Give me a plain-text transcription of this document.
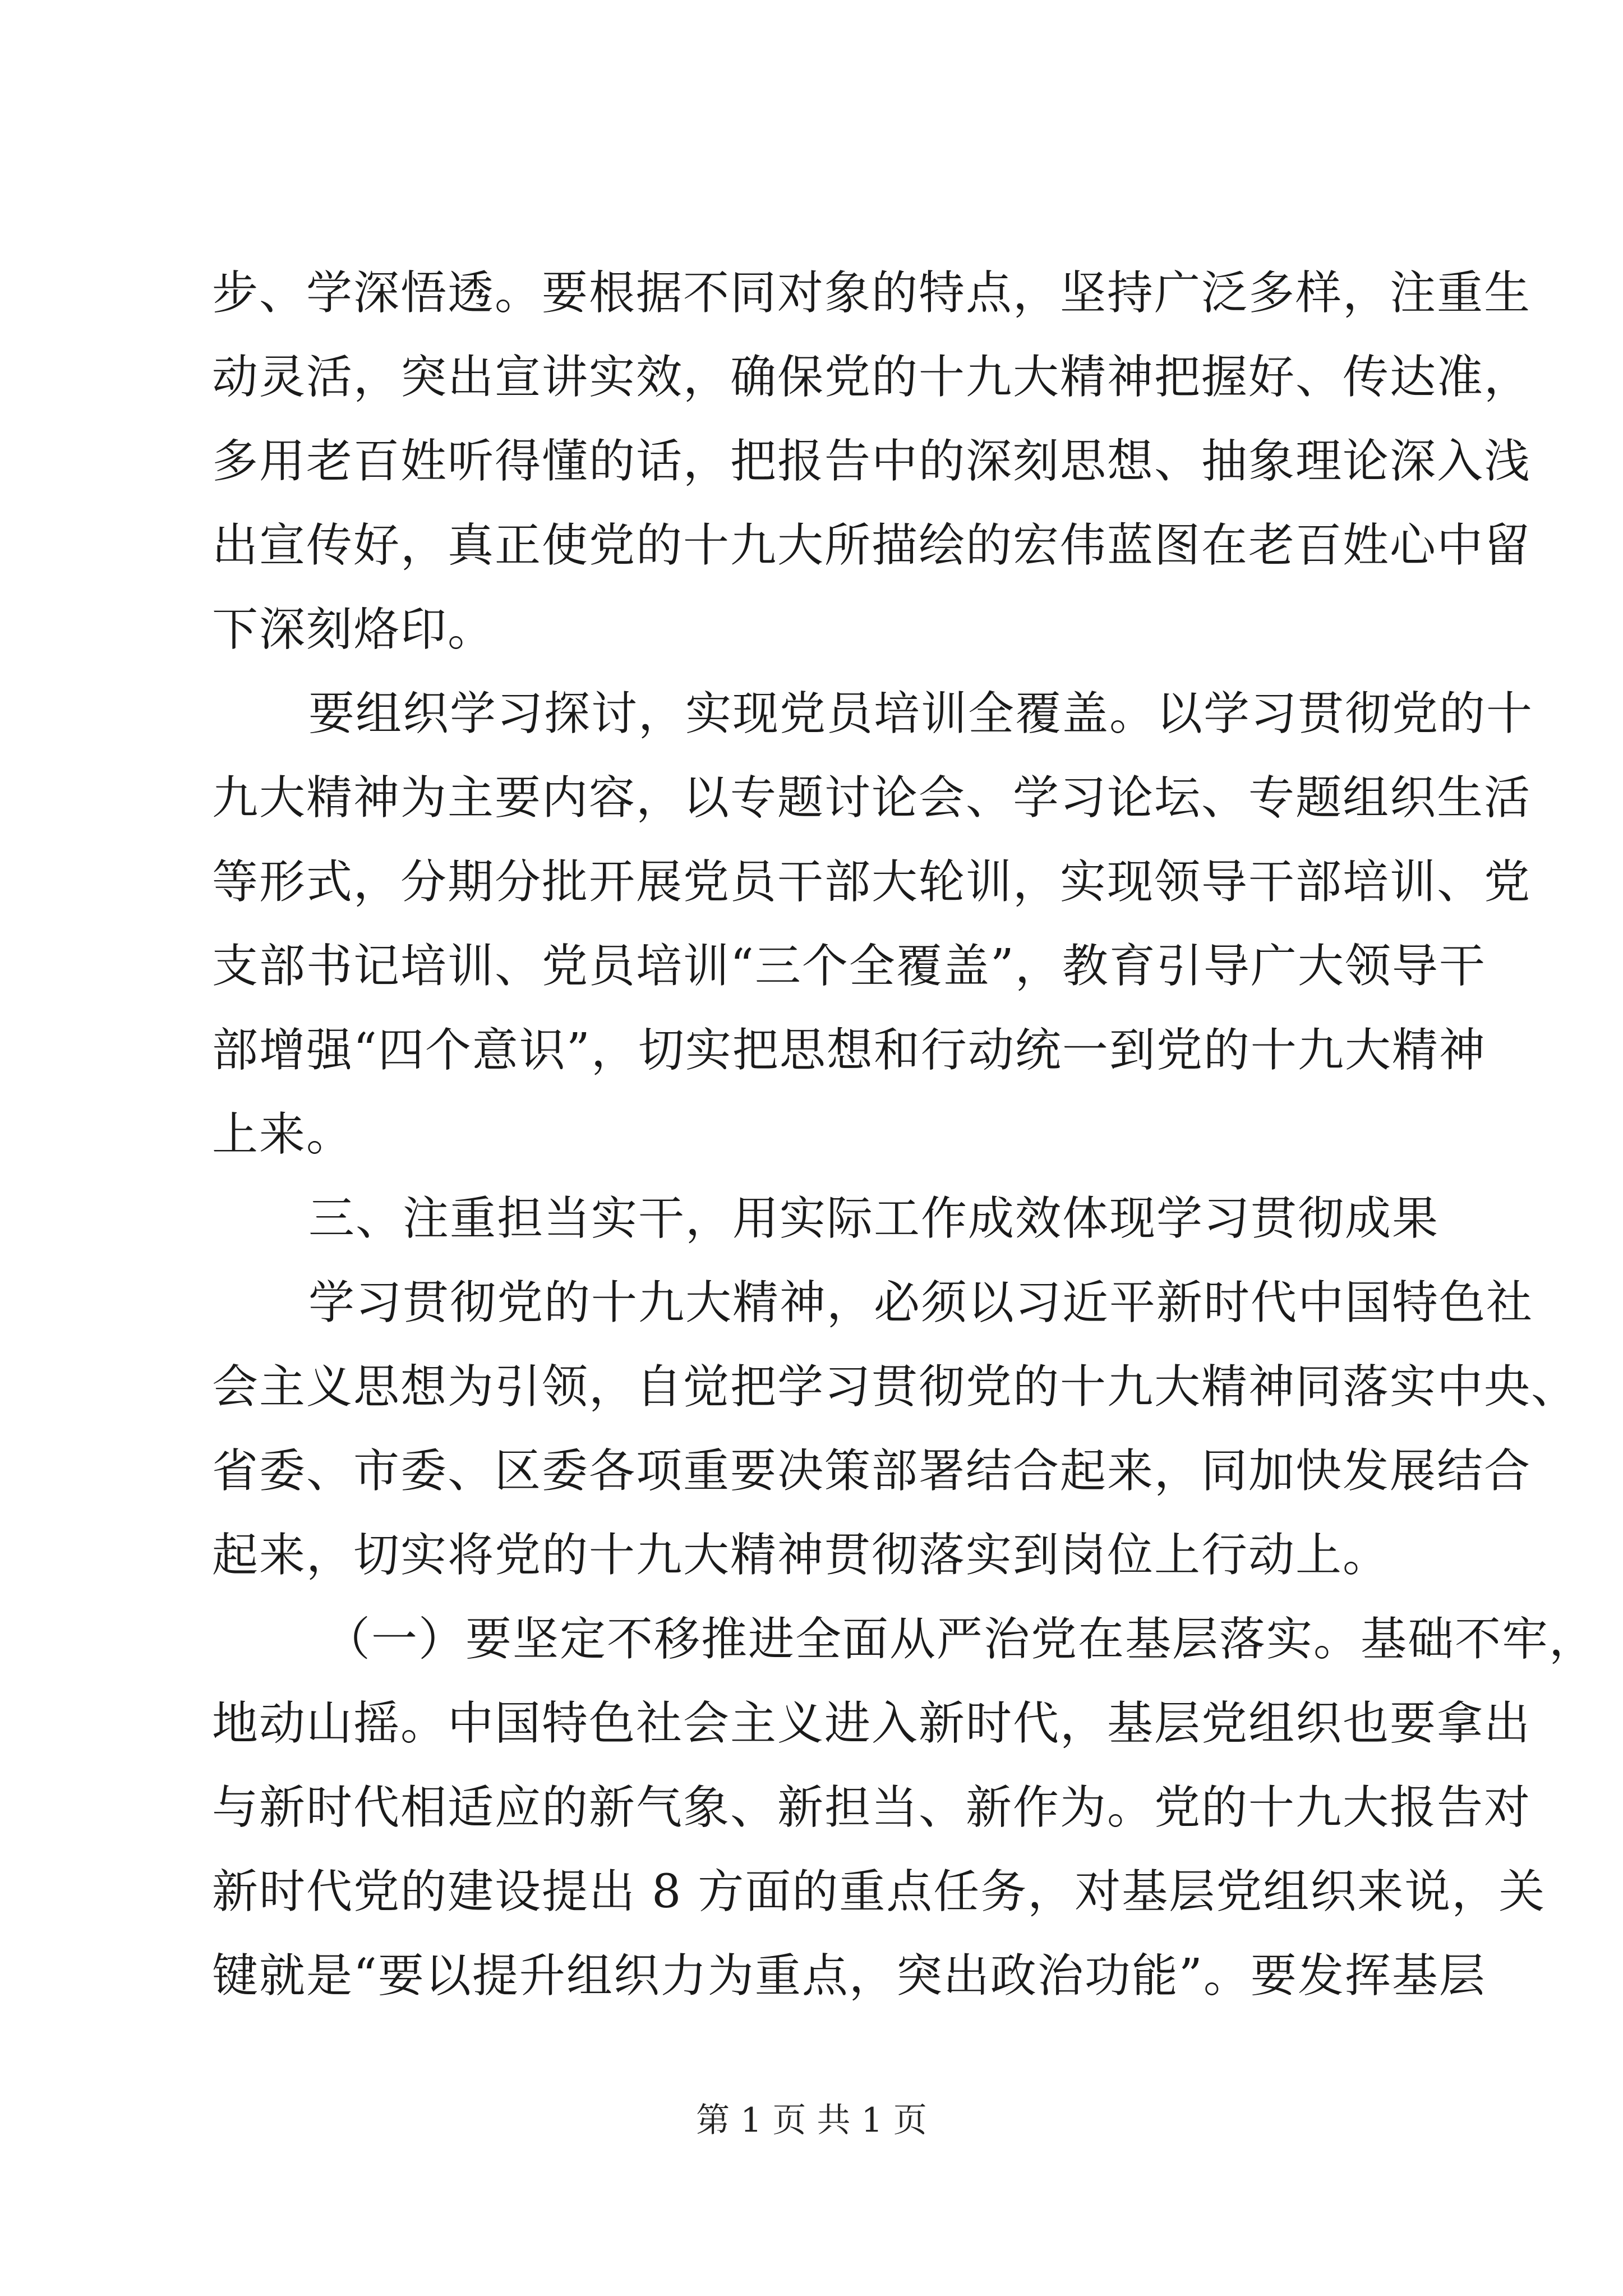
步、学深悟透。要根据不同对象的特点，坚持广泛多样，注重生
动灵活，突出宣讲实效，确保党的十九大精神把握好、传达准，
多用老百姓听得懂的话，把报告中的深刻思想、抽象理论深入浅
出宣传好，真正使党的十九大所描绘的宏伟蓝图在老百姓心中留
下深刻烙印。
要组织学习探讨，实现党员培训全覆盖。以学习贯彻党的十
九大精神为主要内容，以专题讨论会、学习论坛、专题组织生活
等形式，分期分批开展党员干部大轮训，实现领导干部培训、党
支部书记培训、党员培训“三个全覆盖”，教育引导广大领导干
部增强“四个意识”，切实把思想和行动统一到党的十九大精神
上来。
三、注重担当实干，用实际工作成效体现学习贯彻成果
学习贯彻党的十九大精神，必须以习近平新时代中国特色社
会主义思想为引领，自觉把学习贯彻党的十九大精神同落实中央、
省委、市委、区委各项重要决策部署结合起来，同加快发展结合
起来，切实将党的十九大精神贯彻落实到岗位上行动上。
（一）要坚定不移推进全面从严治党在基层落实。基础不牢，
地动山摇。中国特色社会主义进入新时代，基层党组织也要拿出
与新时代相适应的新气象、新担当、新作为。党的十九大报告对
新时代党的建设提出 8 方面的重点任务，对基层党组织来说，关
键就是“要以提升组织力为重点，突出政治功能”。要发挥基层
第 1 页 共 1 页
